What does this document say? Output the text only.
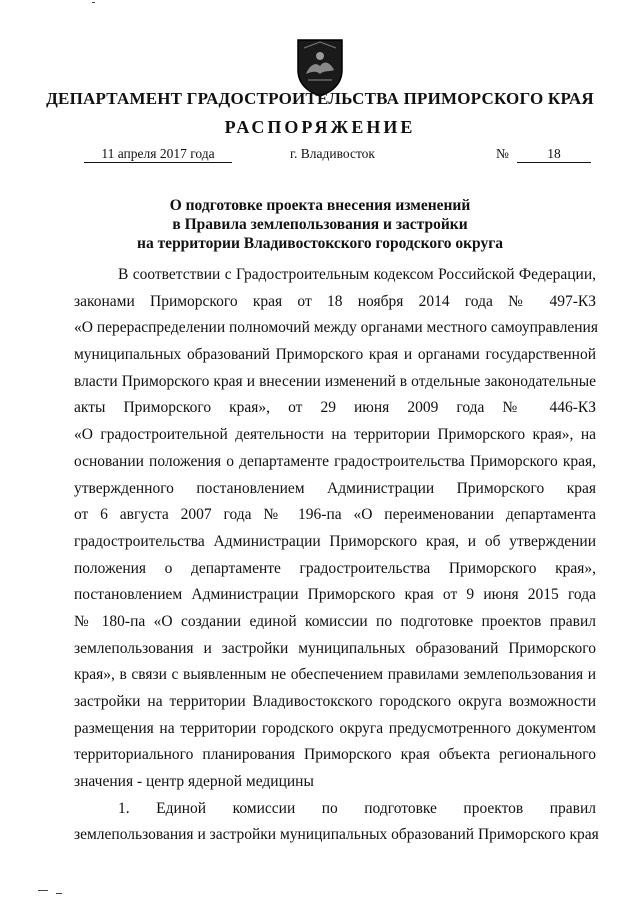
ДЕПАРТАМЕНТ ГРАДОСТРОИТЕЛЬСТВА ПРИМОРСКОГО КРАЯ
РАСПОРЯЖЕНИЕ
11 апреля 2017 года	г. Владивосток	№	18
О подготовке проекта внесения изменений
в Правила землепользования и застройки
на территории Владивостокского городского округа
В соответствии с Градостроительным кодексом Российской Федерации,
законами Приморского края от 18 ноября 2014 года № 497-КЗ
«О перераспределении полномочий между органами местного самоуправления
муниципальных образований Приморского края и органами государственной
власти Приморского края и внесении изменений в отдельные законодательные
акты Приморского края», от 29 июня 2009 года № 446-КЗ
«О градостроительной деятельности на территории Приморского края», на
основании положения о департаменте градостроительства Приморского края,
утвержденного постановлением Администрации Приморского края
от 6 августа 2007 года № 196-па «О переименовании департамента
градостроительства Администрации Приморского края, и об утверждении
положения о департаменте градостроительства Приморского края»,
постановлением Администрации Приморского края от 9 июня 2015 года
№ 180-па «О создании единой комиссии по подготовке проектов правил
землепользования и застройки муниципальных образований Приморского
края», в связи с выявленным не обеспечением правилами землепользования и
застройки на территории Владивостокского городского округа возможности
размещения на территории городского округа предусмотренного документом
территориального планирования Приморского края объекта регионального
значения - центр ядерной медицины
1. Единой комиссии по подготовке проектов правил
землепользования и застройки муниципальных образований Приморского края
